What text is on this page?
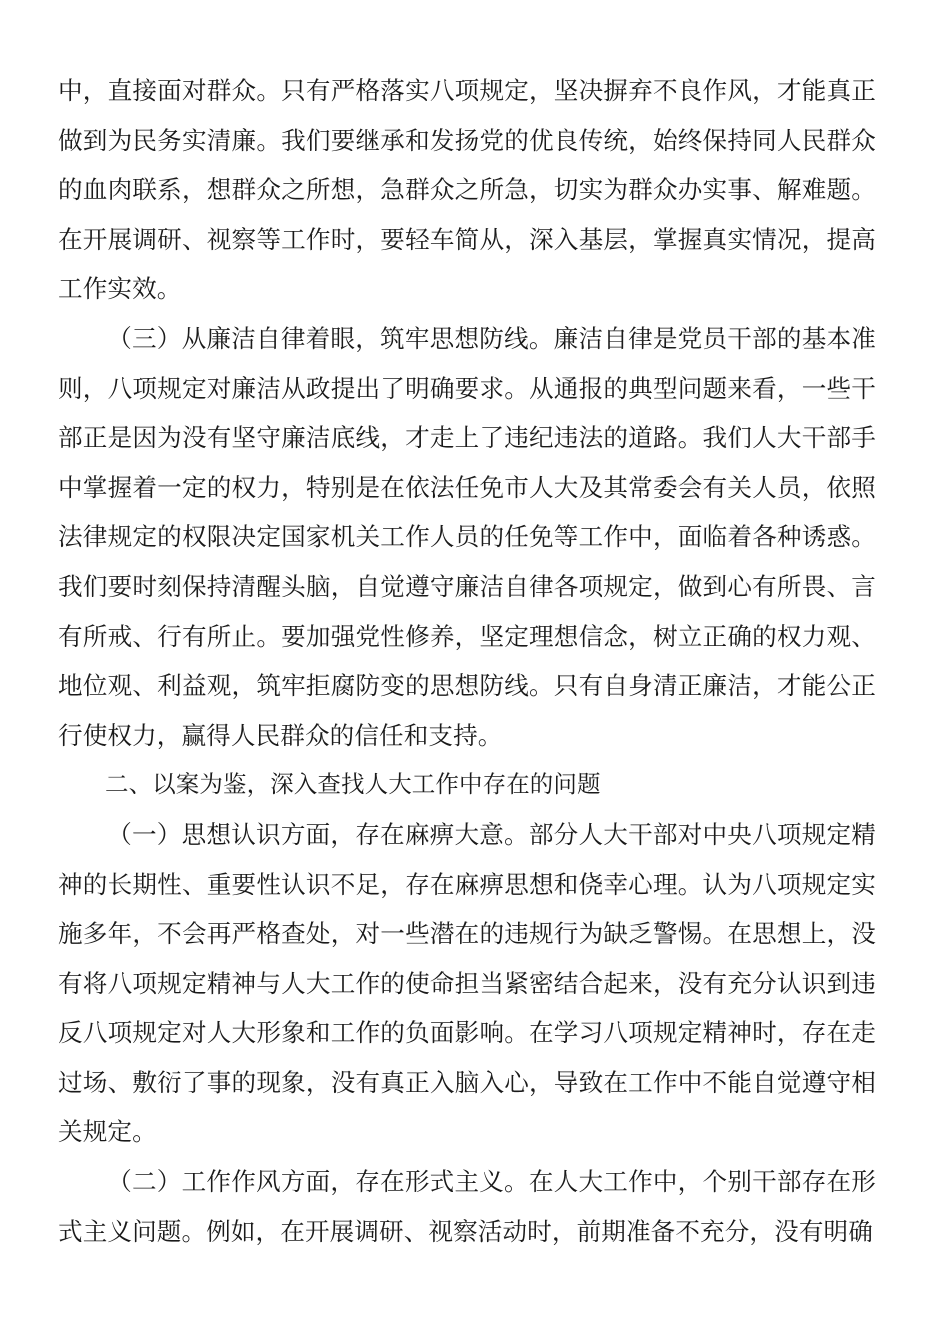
中，直接面对群众。只有严格落实八项规定，坚决摒弃不良作风，才能真正做到为民务实清廉。我们要继承和发扬党的优良传统，始终保持同人民群众的血肉联系，想群众之所想，急群众之所急，切实为群众办实事、解难题。在开展调研、视察等工作时，要轻车简从，深入基层，掌握真实情况，提高工作实效。

（三）从廉洁自律着眼，筑牢思想防线。廉洁自律是党员干部的基本准则，八项规定对廉洁从政提出了明确要求。从通报的典型问题来看，一些干部正是因为没有坚守廉洁底线，才走上了违纪违法的道路。我们人大干部手中掌握着一定的权力，特别是在依法任免市人大及其常委会有关人员，依照法律规定的权限决定国家机关工作人员的任免等工作中，面临着各种诱惑。我们要时刻保持清醒头脑，自觉遵守廉洁自律各项规定，做到心有所畏、言有所戒、行有所止。要加强党性修养，坚定理想信念，树立正确的权力观、地位观、利益观，筑牢拒腐防变的思想防线。只有自身清正廉洁，才能公正行使权力，赢得人民群众的信任和支持。

二、以案为鉴，深入查找人大工作中存在的问题

（一）思想认识方面，存在麻痹大意。部分人大干部对中央八项规定精神的长期性、重要性认识不足，存在麻痹思想和侥幸心理。认为八项规定实施多年，不会再严格查处，对一些潜在的违规行为缺乏警惕。在思想上，没有将八项规定精神与人大工作的使命担当紧密结合起来，没有充分认识到违反八项规定对人大形象和工作的负面影响。在学习八项规定精神时，存在走过场、敷衍了事的现象，没有真正入脑入心，导致在工作中不能自觉遵守相关规定。

（二）工作作风方面，存在形式主义。在人大工作中，个别干部存在形式主义问题。例如，在开展调研、视察活动时，前期准备不充分，没有明确
